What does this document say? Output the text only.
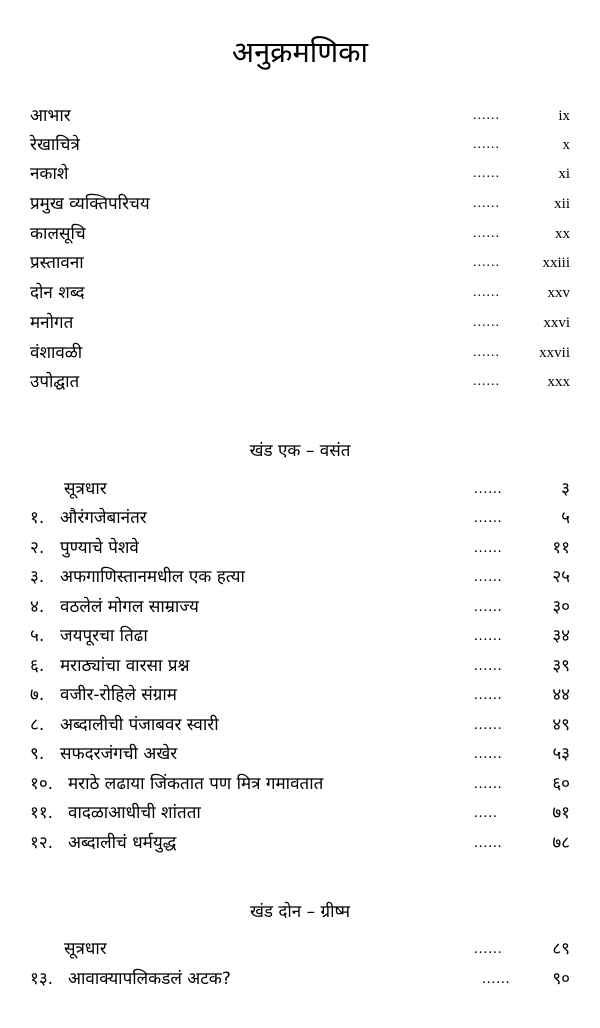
अनुक्रमणिका
आभार	......	ix
रेखाचित्रे	......	x
नकाशे	......	xi
प्रमुख व्यक्तिपरिचय	......	xii
कालसूचि	......	xx
प्रस्तावना	......	xxiii
दोन शब्द	......	xxv
मनोगत	......	xxvi
वंशावळी	......	xxvii
उपोद्घात	......	xxx
खंड एक – वसंत
सूत्रधार	......	३
१. औरंगजेबानंतर	......	५
२. पुण्याचे पेशवे	......	११
३. अफगाणिस्तानमधील एक हत्या	......	२५
४. वठलेलं मोगल साम्राज्य	......	३०
५. जयपूरचा तिढा	......	३४
६. मराठ्यांचा वारसा प्रश्न	......	३९
७. वजीर-रोहिले संग्राम	......	४४
८. अब्दालीची पंजाबवर स्वारी	......	४९
९. सफदरजंगची अखेर	......	५३
१०. मराठे लढाया जिंकतात पण मित्र गमावतात	......	६०
११. वादळाआधीची शांतता	.....	७१
१२. अब्दालीचं धर्मयुद्ध	......	७८
खंड दोन – ग्रीष्म
सूत्रधार	......	८९
१३. आवाक्यापलिकडलं अटक?	...... ९०
